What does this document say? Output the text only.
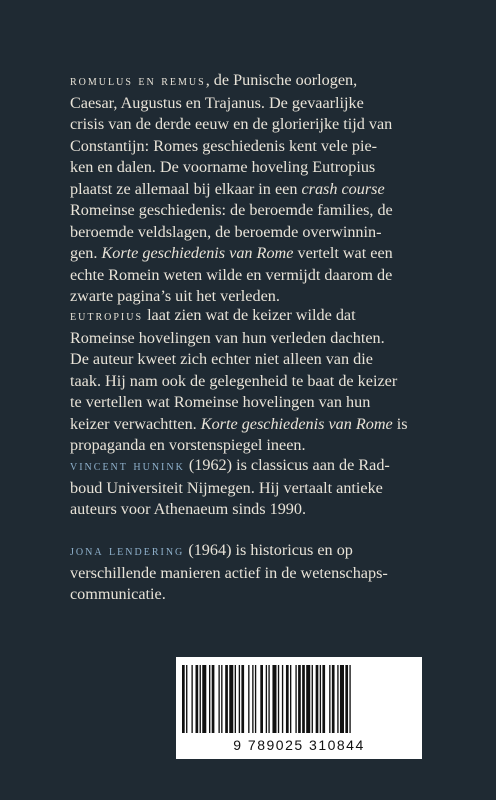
romulus en remus, de Punische oorlogen,
Caesar, Augustus en Trajanus. De gevaarlijke
crisis van de derde eeuw en de glorierijke tijd van
Constantijn: Romes geschiedenis kent vele pie-
ken en dalen. De voorname hoveling Eutropius
plaatst ze allemaal bij elkaar in een crash course
Romeinse geschiedenis: de beroemde families, de
beroemde veldslagen, de beroemde overwinnin-
gen. Korte geschiedenis van Rome vertelt wat een
echte Romein weten wilde en vermijdt daarom de
zwarte pagina’s uit het verleden.
eutropius laat zien wat de keizer wilde dat
Romeinse hovelingen van hun verleden dachten.
De auteur kweet zich echter niet alleen van die
taak. Hij nam ook de gelegenheid te baat de keizer
te vertellen wat Romeinse hovelingen van hun
keizer verwachtten. Korte geschiedenis van Rome is
propaganda en vorstenspiegel ineen.
vincent hunink (1962) is classicus aan de Rad-
boud Universiteit Nijmegen. Hij vertaalt antieke
auteurs voor Athenaeum sinds 1990.
jona lendering (1964) is historicus en op
verschillende manieren actief in de wetenschaps-
communicatie.
9 789025 310844
